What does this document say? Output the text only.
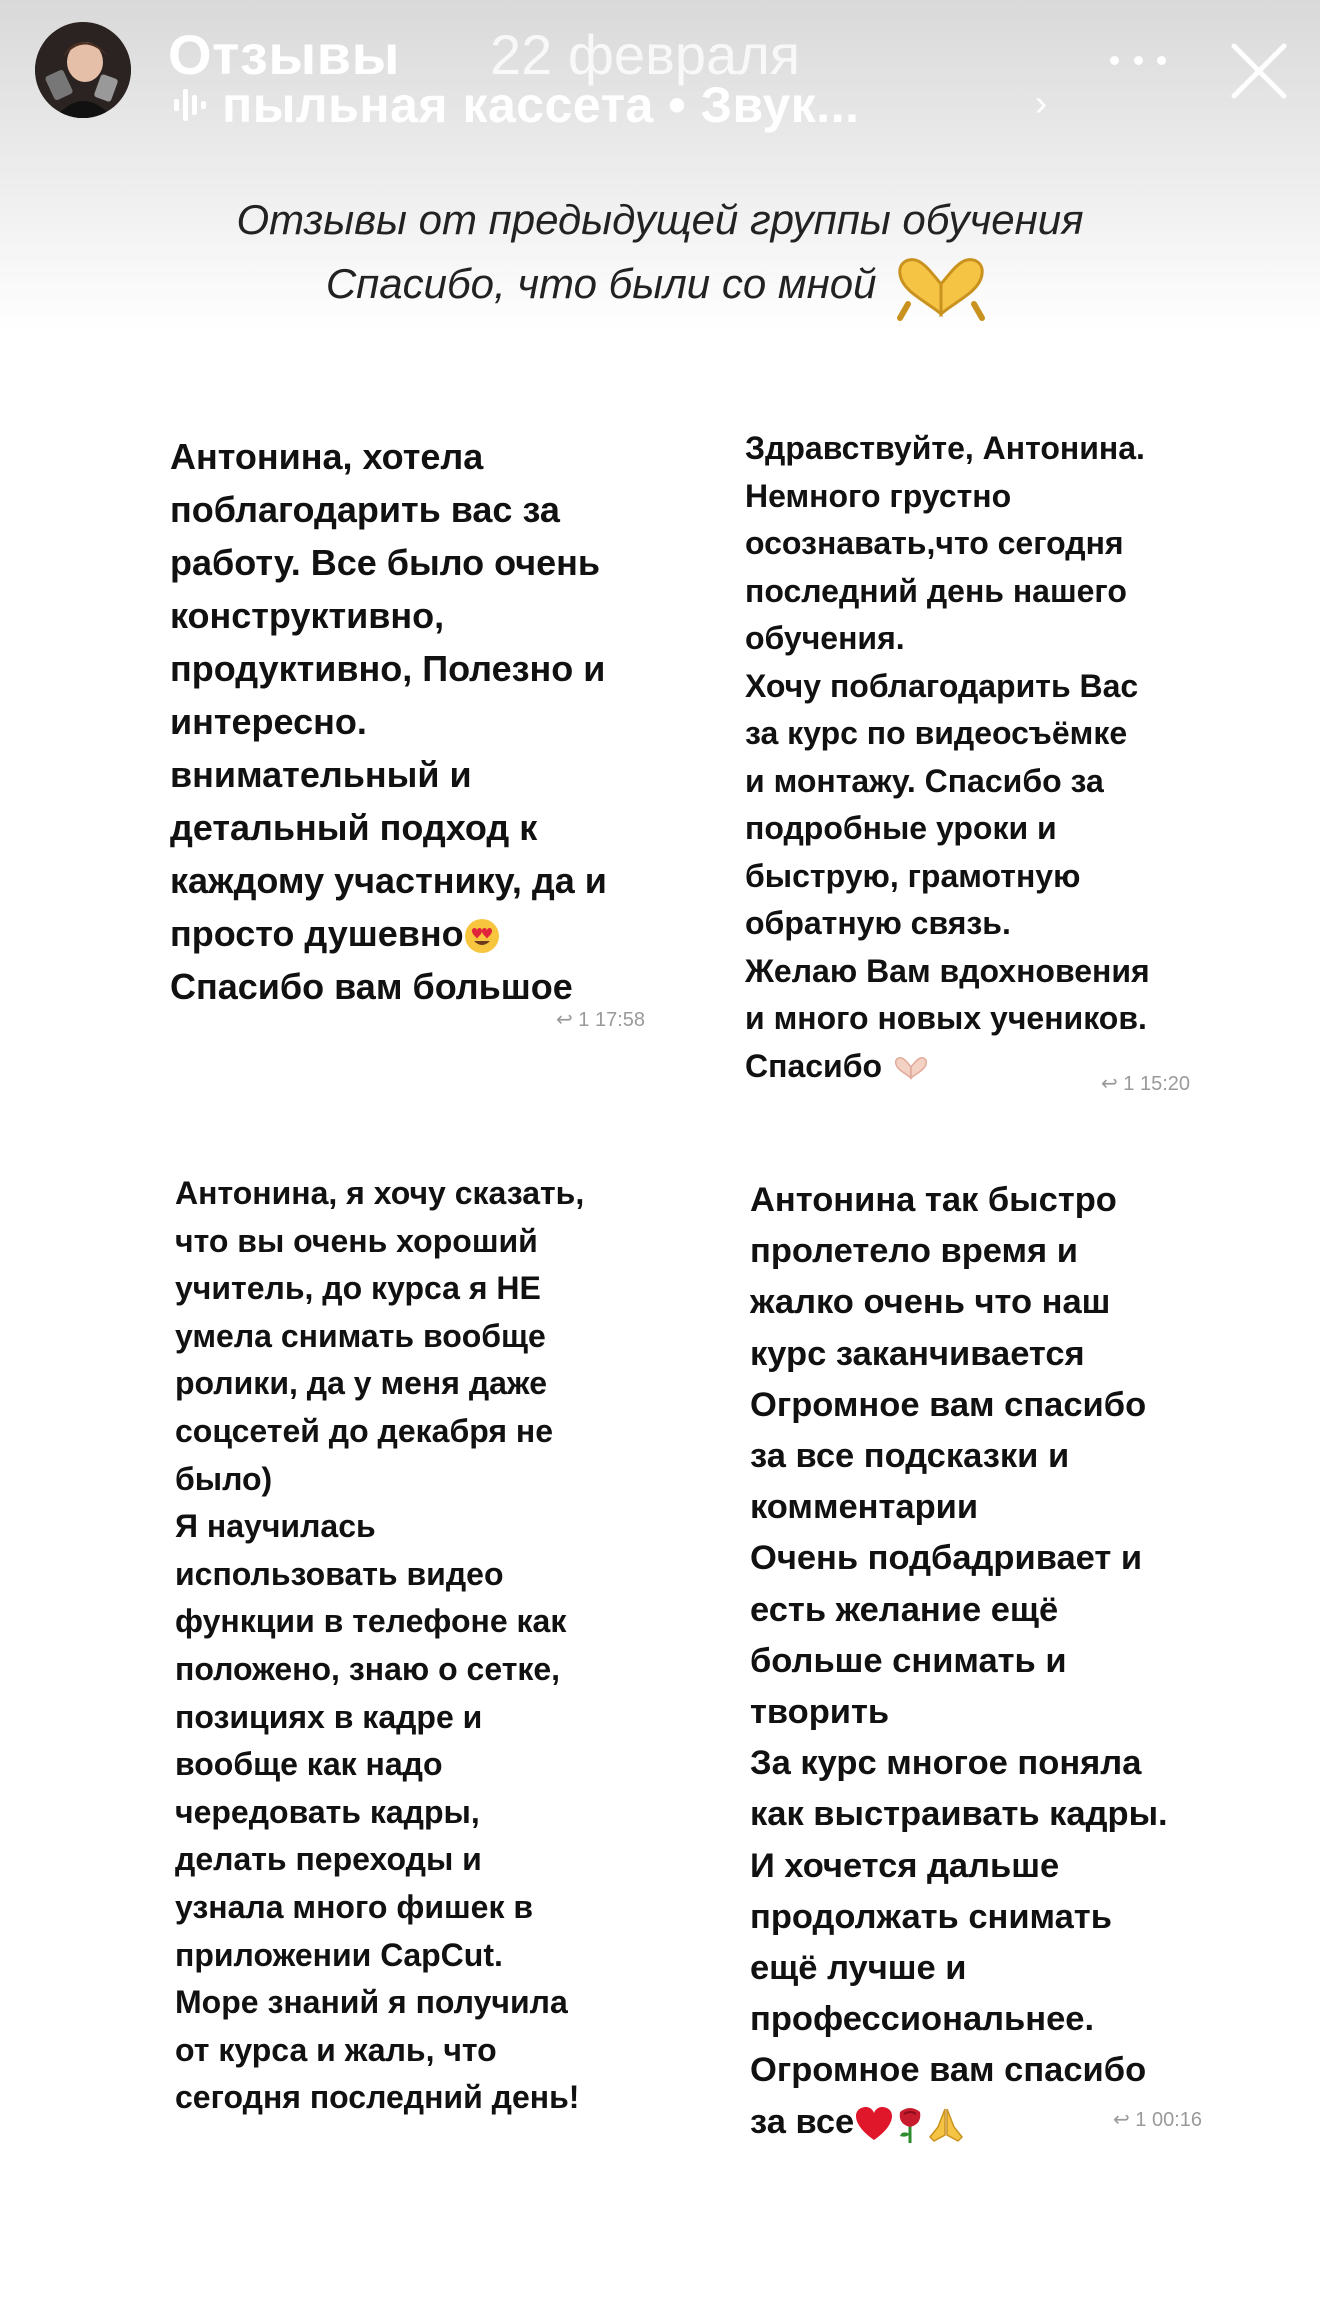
Отзывы 22 февраля
пыльная кассета • Звук...	›
Отзывы от предыдущей группы обучения
Спасибо, что были со мной
Антонина, хотела
поблагодарить вас за
работу. Все было очень
конструктивно,
продуктивно, Полезно и
интересно.
внимательный и
детальный подход к
каждому участнику, да и
просто душевно
Спасибо вам большое
↩ 1 17:58
Здравствуйте, Антонина.
Немного грустно
осознавать,что сегодня
последний день нашего
обучения.
Хочу поблагодарить Вас
за курс по видеосъёмке
и монтажу. Спасибо за
подробные уроки и
быструю, грамотную
обратную связь.
Желаю Вам вдохновения
и много новых учеников.
Спасибо
↩ 1 15:20
Антонина, я хочу сказать,
что вы очень хороший
учитель, до курса я НЕ
умела снимать вообще
ролики, да у меня даже
соцсетей до декабря не
было)
Я научилась
использовать видео
функции в телефоне как
положено, знаю о сетке,
позициях в кадре и
вообще как надо
чередовать кадры,
делать переходы и
узнала много фишек в
приложении CapCut.
Море знаний я получила
от курса и жаль, что
сегодня последний день!
Антонина так быстро
пролетело время и
жалко очень что наш
курс заканчивается
Огромное вам спасибо
за все подсказки и
комментарии
Очень подбадривает и
есть желание ещё
больше снимать и
творить
За курс многое поняла
как выстраивать кадры.
И хочется дальше
продолжать снимать
ещё лучше и
профессиональнее.
Огромное вам спасибо
за все	↩ 1 00:16
